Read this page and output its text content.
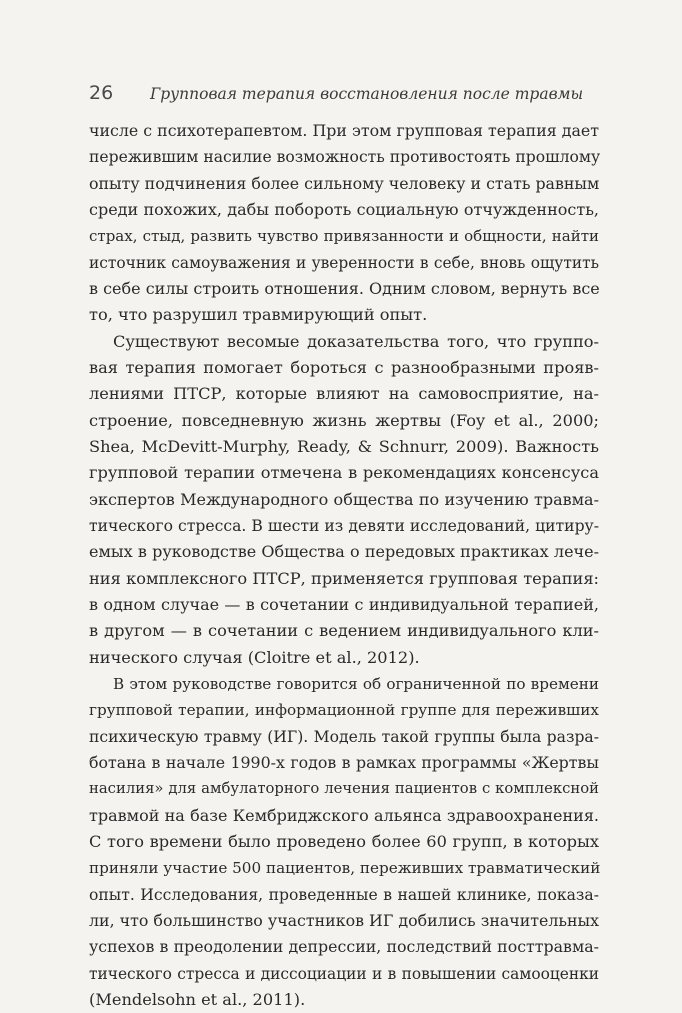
26 Групповая терапия восстановления после травмы
числе с психотерапевтом. При этом групповая терапия дает
пережившим насилие возможность противостоять прошлому
опыту подчинения более сильному человеку и стать равным
среди похожих, дабы побороть социальную отчужденность,
страх, стыд, развить чувство привязанности и общности, найти
источник самоуважения и уверенности в себе, вновь ощутить
в себе силы строить отношения. Одним словом, вернуть все
то, что разрушил травмирующий опыт.
Существуют весомые доказательства того, что группо-
вая терапия помогает бороться с разнообразными прояв-
лениями ПТСР, которые влияют на самовосприятие, на-
строение, повседневную жизнь жертвы (Foy et al., 2000;
Shea, McDevitt-Murphy, Ready, & Schnurr, 2009). Важность
групповой терапии отмечена в рекомендациях консенсуса
экспертов Международного общества по изучению травма-
тического стресса. В шести из девяти исследований, цитиру-
емых в руководстве Общества о передовых практиках лече-
ния комплексного ПТСР, применяется групповая терапия:
в одном случае — в сочетании с индивидуальной терапией,
в другом — в сочетании с ведением индивидуального кли-
нического случая (Cloitre et al., 2012).
В этом руководстве говорится об ограниченной по времени
групповой терапии, информационной группе для переживших
психическую травму (ИГ). Модель такой группы была разра-
ботана в начале 1990-х годов в рамках программы «Жертвы
насилия» для амбулаторного лечения пациентов с комплексной
травмой на базе Кембриджского альянса здравоохранения.
С того времени было проведено более 60 групп, в которых
приняли участие 500 пациентов, переживших травматический
опыт. Исследования, проведенные в нашей клинике, показа-
ли, что большинство участников ИГ добились значительных
успехов в преодолении депрессии, последствий посттравма-
тического стресса и диссоциации и в повышении самооценки
(Mendelsohn et al., 2011).
